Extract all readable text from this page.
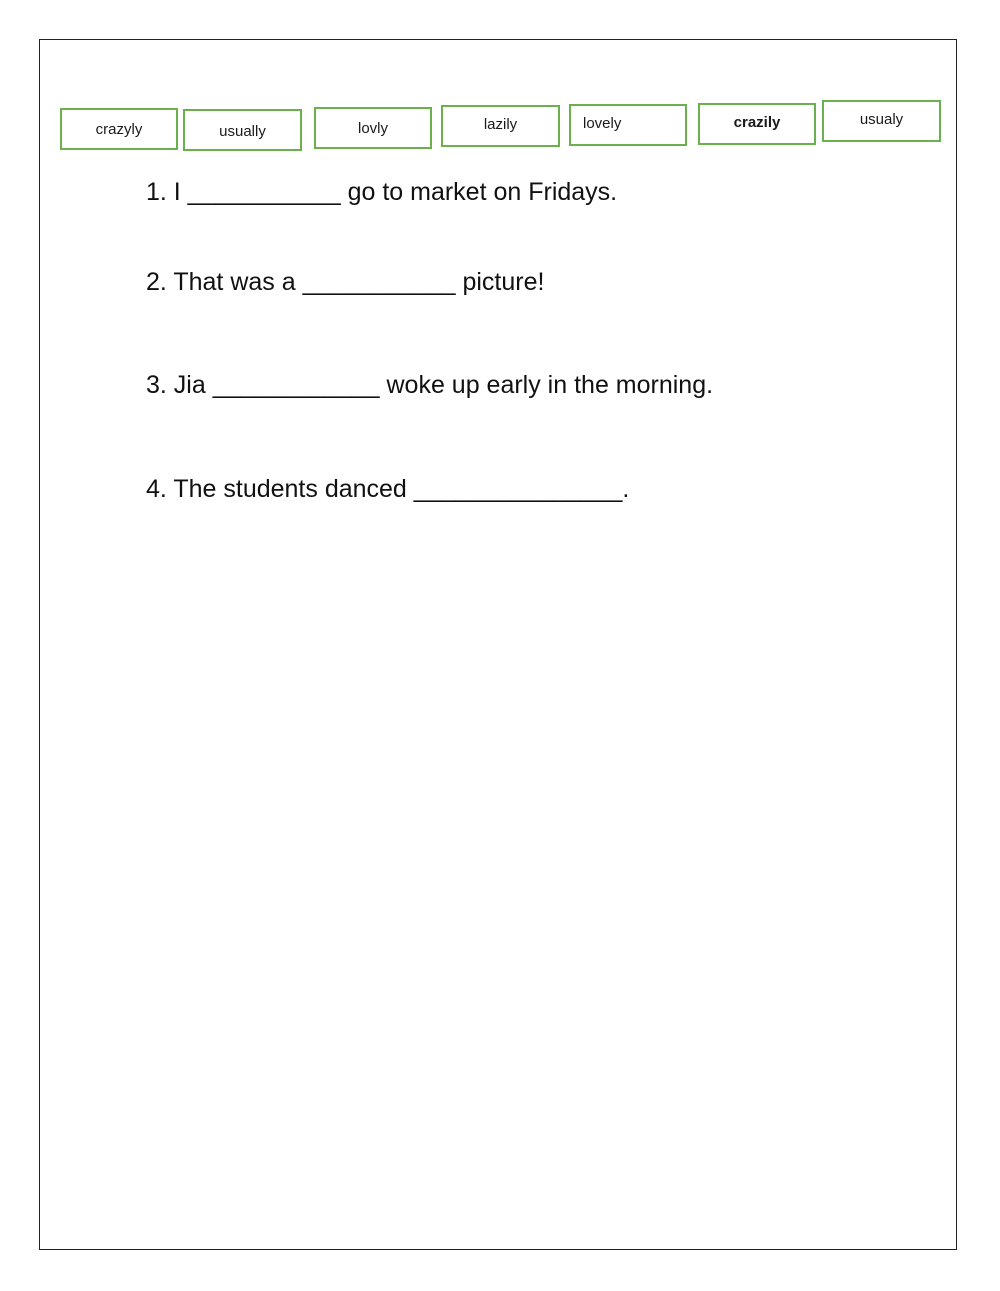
crazyly	usually	lovly	lazily	lovely	crazily	usualy
1. I ___________ go to market on Fridays.
2. That was a ___________ picture!
3. Jia ____________ woke up early in the morning.
4. The students danced _______________.
